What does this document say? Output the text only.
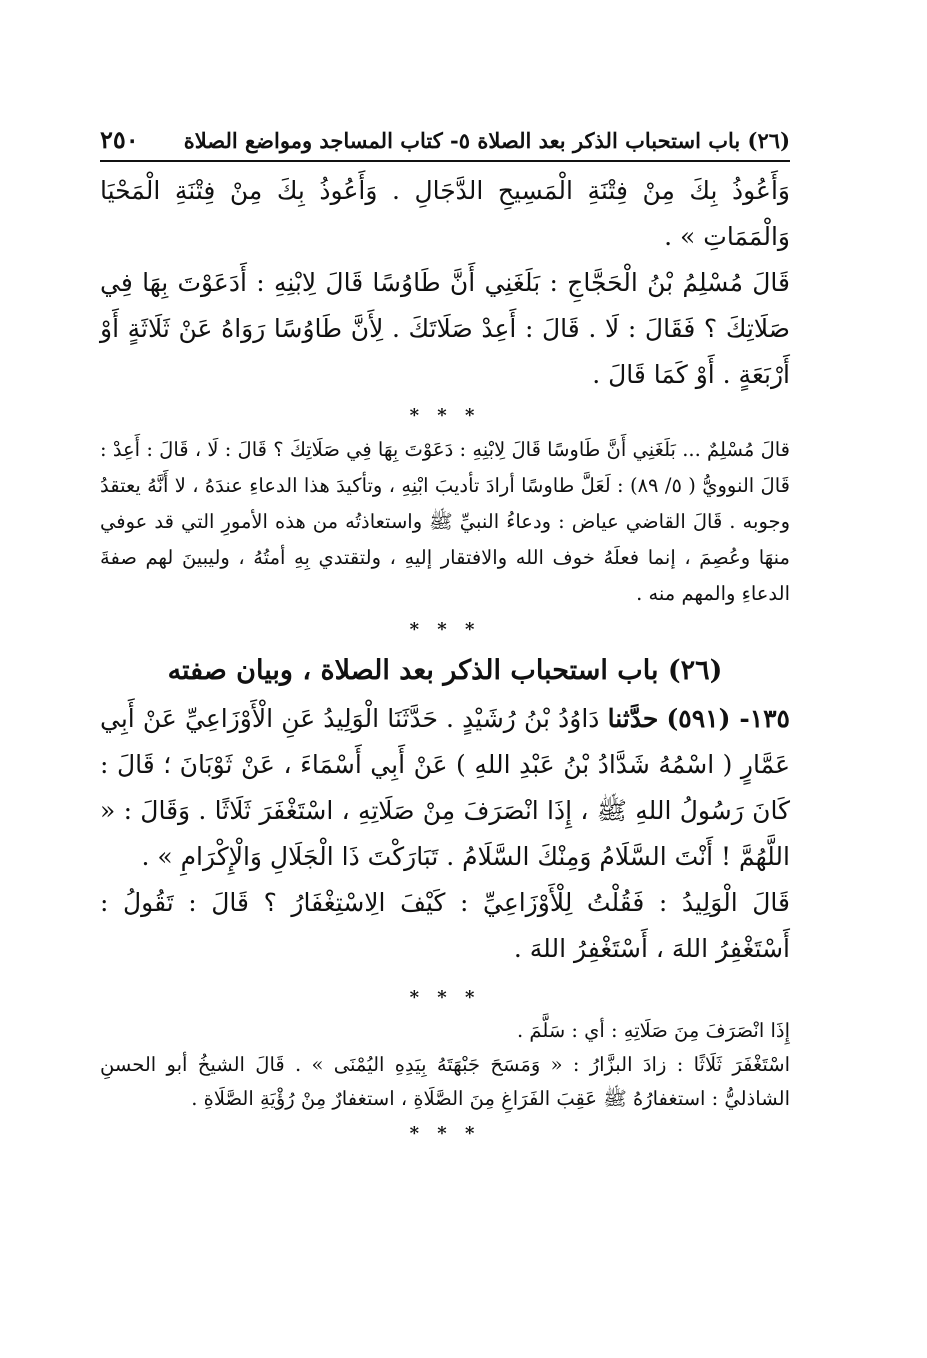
(٢٦) باب استحباب الذكر بعد الصلاة ٥- كتاب المساجد ومواضع الصلاة
٢٥٠

وَأَعُوذُ بِكَ مِنْ فِتْنَةِ الْمَسِيحِ الدَّجَالِ . وَأَعُوذُ بِكَ مِنْ فِتْنَةِ الْمَحْيَا وَالْمَمَاتِ » .

قَالَ مُسْلِمُ بْنُ الْحَجَّاجِ : بَلَغَنِي أَنَّ طَاوُسًا قَالَ لِابْنِهِ : أَدَعَوْتَ بِهَا فِي صَلَاتِكَ ؟ فَقَالَ : لَا . قَالَ : أَعِدْ صَلَاتَكَ . لِأَنَّ طَاوُسًا رَوَاهُ عَنْ ثَلَاثَةٍ أَوْ أَرْبَعَةٍ . أَوْ كَمَا قَالَ .

* * *

قالَ مُسْلِمٌ ... بَلَغَنِي أَنَّ طَاوسًا قَالَ لِابْنِهِ : دَعَوْتَ بِهَا فِي صَلَاتِكَ ؟ قَالَ : لَا ، قَالَ : أَعِدْ : قَالَ النوويُّ ( ٥/ ٨٩) : لَعَلَّ طاوسًا أرادَ تأديبَ ابْنِهِ ، وتأكيدَ هذا الدعاءِ عندَهُ ، لا أَنَّهُ يعتقدُ وجوبه . قَالَ القاضي عياض : ودعاءُ النبيِّ ﷺ واستعاذتُه من هذه الأمورِ التي قد عوفي منهَا وعُصِمَ ، إنما فعلَهُ خوف الله والافتقار إليهِ ، ولتقتدي بِهِ أمتُهُ ، وليبينَ لهم صفةَ الدعاءِ والمهم منه .

* * *
(٢٦) باب استحباب الذكر بعد الصلاة ، وبيان صفته

١٣٥- (٥٩١) حدَّثنا دَاوُدُ بْنُ رُشَيْدٍ . حَدَّثَنَا الْوَلِيدُ عَنِ الْأَوْزَاعِيِّ عَنْ أَبِي عَمَّارٍ ( اسْمُهُ شَدَّادُ بْنُ عَبْدِ اللهِ ) عَنْ أَبِي أَسْمَاءَ ، عَنْ ثَوْبَانَ ؛ قَالَ : كَانَ رَسُولُ اللهِ ﷺ ، إِذَا انْصَرَفَ مِنْ صَلَاتِهِ ، اسْتَغْفَرَ ثَلَاثًا . وَقَالَ : « اللَّهُمَّ ! أَنْتَ السَّلَامُ وَمِنْكَ السَّلَامُ . تَبَارَكْتَ ذَا الْجَلَالِ وَالْإِكْرَامِ » .

قَالَ الْوَلِيدُ : فَقُلْتُ لِلْأَوْزَاعِيِّ : كَيْفَ الِاسْتِغْفَارُ ؟ قَالَ : تَقُولُ : أَسْتَغْفِرُ اللهَ ، أَسْتَغْفِرُ اللهَ .

* * *

إِذَا انْصَرَفَ مِنَ صَلَاتِهِ : أي : سَلَّمَ .

اسْتَغْفَرَ ثَلَاثًا : زادَ البزَّارُ : « وَمَسَحَ جَبْهَتَهُ بِيَدِهِ اليُمْنَى » . قَالَ الشيخُ أبو الحسنِ الشاذليُّ : استغفارُهُ ﷺ عَقِبَ الفَرَاغِ مِنَ الصَّلَاةِ ، استغفارٌ مِنْ رُؤْيَةِ الصَّلَاةِ .

* * *
